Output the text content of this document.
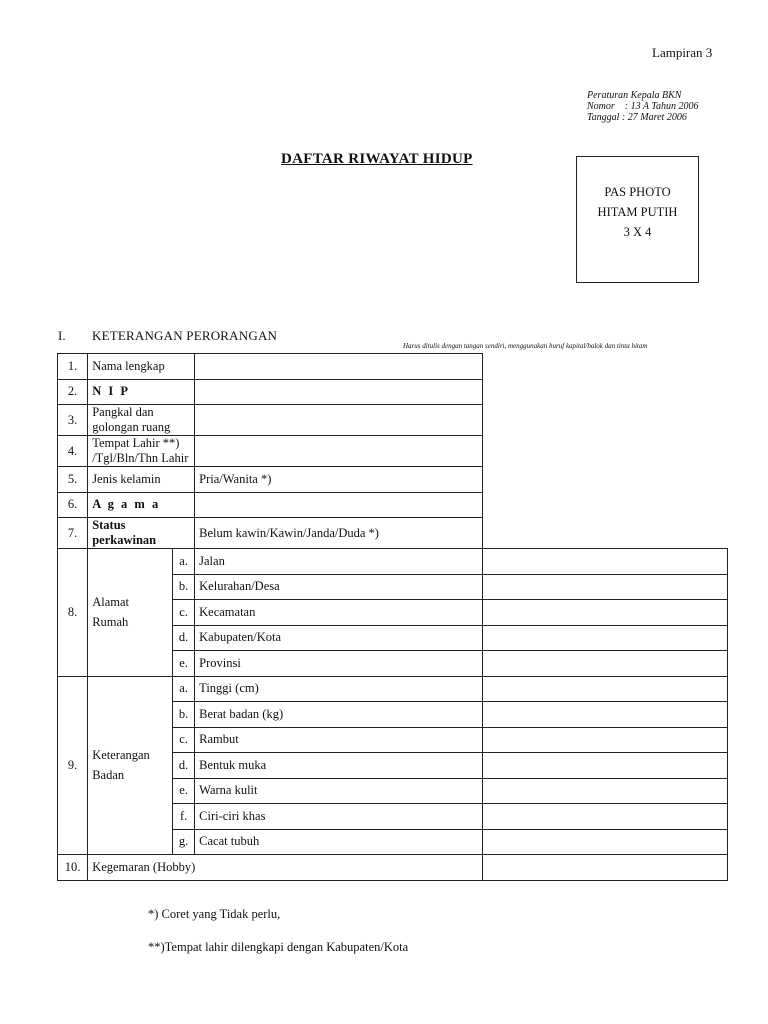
Lampiran 3
Peraturan Kepala BKN
Nomor    : 13 A Tahun 2006
Tanggal : 27 Maret 2006
DAFTAR RIWAYAT HIDUP
PAS PHOTO
HITAM PUTIH
3 X 4
I. KETERANGAN PERORANGAN
Harus ditulis dengan tangan sendiri, menggunakan huruf kapital/balok dan tinta hitam
1.	Nama lengkap			
2.	N I P			
3.	Pangkal dan golongan ruang			
4.	Tempat Lahir **) /Tgl/Bln/Thn Lahir			
5.	Jenis kelamin		Pria/Wanita *)	
6.	A g a m a			
7.	Status perkawinan		Belum kawin/Kawin/Janda/Duda *)	
8.	Alamat Rumah	a.	Jalan	
		b.	Kelurahan/Desa	
		c.	Kecamatan	
		d.	Kabupaten/Kota	
		e.	Provinsi	
9.	Keterangan
Badan	a.	Tinggi (cm)	
		b.	Berat badan (kg)	
		c.	Rambut	
		d.	Bentuk muka	
		e.	Warna kulit	
		f.	Ciri-ciri khas	
		g.	Cacat tubuh	
10.	Kegemaran (Hobby)			
*) Coret yang Tidak perlu,
**)Tempat lahir dilengkapi dengan Kabupaten/Kota
